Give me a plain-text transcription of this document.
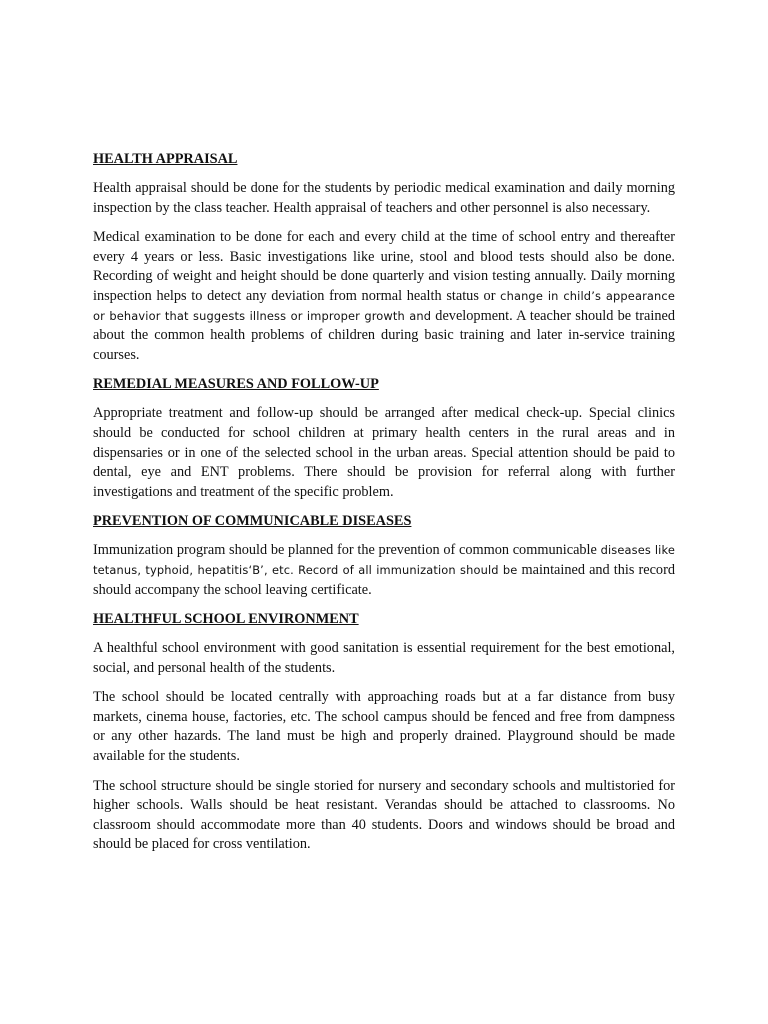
HEALTH APPRAISAL

Health appraisal should be done for the students by periodic medical examination and daily morning inspection by the class teacher. Health appraisal of teachers and other personnel is also necessary.

Medical examination to be done for each and every child at the time of school entry and thereafter every 4 years or less. Basic investigations like urine, stool and blood tests should also be done. Recording of weight and height should be done quarterly and vision testing annually. Daily morning inspection helps to detect any deviation from normal health status or change in child’s appearance or behavior that suggests illness or improper growth and development. A teacher should be trained about the common health problems of children during basic training and later in-service training courses.

REMEDIAL MEASURES AND FOLLOW-UP

Appropriate treatment and follow-up should be arranged after medical check-up. Special clinics should be conducted for school children at primary health centers in the rural areas and in dispensaries or in one of the selected school in the urban areas. Special attention should be paid to dental, eye and ENT problems. There should be provision for referral along with further investigations and treatment of the specific problem.

PREVENTION OF COMMUNICABLE DISEASES

Immunization program should be planned for the prevention of common communicable diseases like tetanus, typhoid, hepatitis‘B’, etc. Record of all immunization should be maintained and this record should accompany the school leaving certificate.

HEALTHFUL SCHOOL ENVIRONMENT

A healthful school environment with good sanitation is essential requirement for the best emotional, social, and personal health of the students.

The school should be located centrally with approaching roads but at a far distance from busy markets, cinema house, factories, etc. The school campus should be fenced and free from dampness or any other hazards. The land must be high and properly drained. Playground should be made available for the students.

The school structure should be single storied for nursery and secondary schools and multistoried for higher schools. Walls should be heat resistant. Verandas should be attached to classrooms. No classroom should accommodate more than 40 students. Doors and windows should be broad and should be placed for cross ventilation.
